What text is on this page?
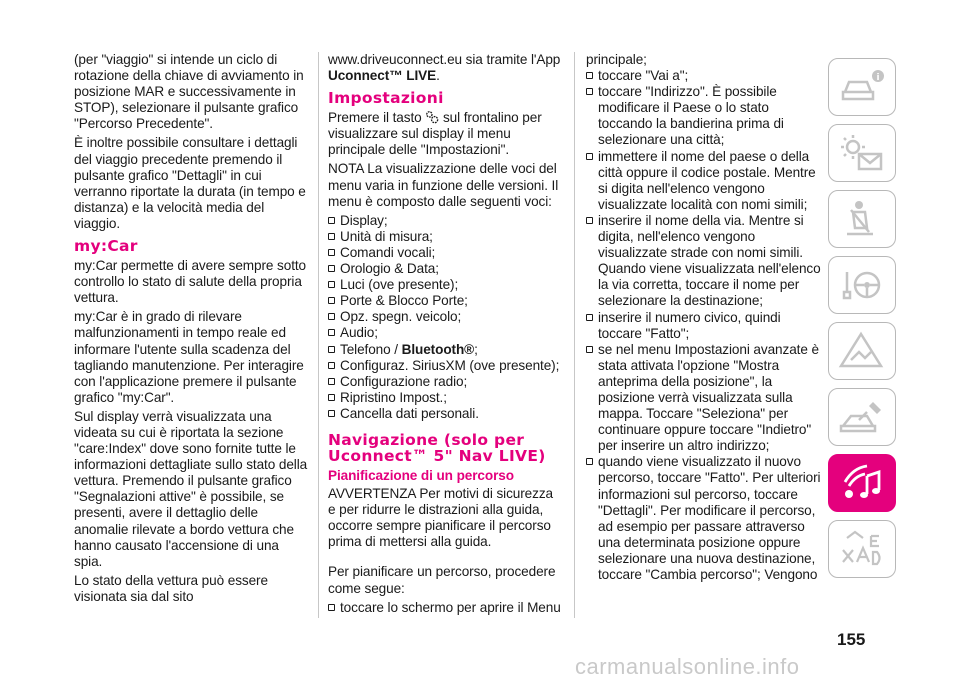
(per "viaggio" si intende un ciclo di rotazione della chiave di avviamento in posizione MAR e successivamente in STOP), selezionare il pulsante grafico "Percorso Precedente".

È inoltre possibile consultare i dettagli del viaggio precedente premendo il pulsante grafico "Dettagli" in cui verranno riportate la durata (in tempo e distanza) e la velocità media del viaggio.

my:Car

my:Car permette di avere sempre sotto controllo lo stato di salute della propria vettura.

my:Car è in grado di rilevare malfunzionamenti in tempo reale ed informare l'utente sulla scadenza del tagliando manutenzione. Per interagire con l'applicazione premere il pulsante grafico "my:Car".

Sul display verrà visualizzata una videata su cui è riportata la sezione "care:Index" dove sono fornite tutte le informazioni dettagliate sullo stato della vettura. Premendo il pulsante grafico "Segnalazioni attive" è possibile, se presenti, avere il dettaglio delle anomalie rilevate a bordo vettura che hanno causato l'accensione di una spia.

Lo stato della vettura può essere visionata sia dal sito

www.driveuconnect.eu sia tramite l'App Uconnect™ LIVE.

Impostazioni

Premere il tasto  sul frontalino per visualizzare sul display il menu principale delle "Impostazioni".

NOTA La visualizzazione delle voci del menu varia in funzione delle versioni. Il menu è composto dalle seguenti voci:

Display;
Unità di misura;
Comandi vocali;
Orologio & Data;
Luci (ove presente);
Porte & Blocco Porte;
Opz. spegn. veicolo;
Audio;
Telefono / Bluetooth®;
Configuraz. SiriusXM (ove presente);
Configurazione radio;
Ripristino Impost.;
Cancella dati personali.
Navigazione (solo per Uconnect™ 5" Nav LIVE)
Pianificazione di un percorso

AVVERTENZA Per motivi di sicurezza e per ridurre le distrazioni alla guida, occorre sempre pianificare il percorso prima di mettersi alla guida.

Per pianificare un percorso, procedere come segue:

toccare lo schermo per aprire il Menu

principale;

toccare "Vai a";
toccare "Indirizzo". È possibile modificare il Paese o lo stato toccando la bandierina prima di selezionare una città;
immettere il nome del paese o della città oppure il codice postale. Mentre si digita nell'elenco vengono visualizzate località con nomi simili;
inserire il nome della via. Mentre si digita, nell'elenco vengono visualizzate strade con nomi simili. Quando viene visualizzata nell'elenco la via corretta, toccare il nome per selezionare la destinazione;
inserire il numero civico, quindi toccare "Fatto";
se nel menu Impostazioni avanzate è stata attivata l'opzione "Mostra anteprima della posizione", la posizione verrà visualizzata sulla mappa. Toccare "Seleziona" per continuare oppure toccare "Indietro" per inserire un altro indirizzo;
quando viene visualizzato il nuovo percorso, toccare "Fatto". Per ulteriori informazioni sul percorso, toccare "Dettagli". Per modificare il percorso, ad esempio per passare attraverso una determinata posizione oppure selezionare una nuova destinazione, toccare "Cambia percorso"; Vengono
i
155
carmanualsonline.info
